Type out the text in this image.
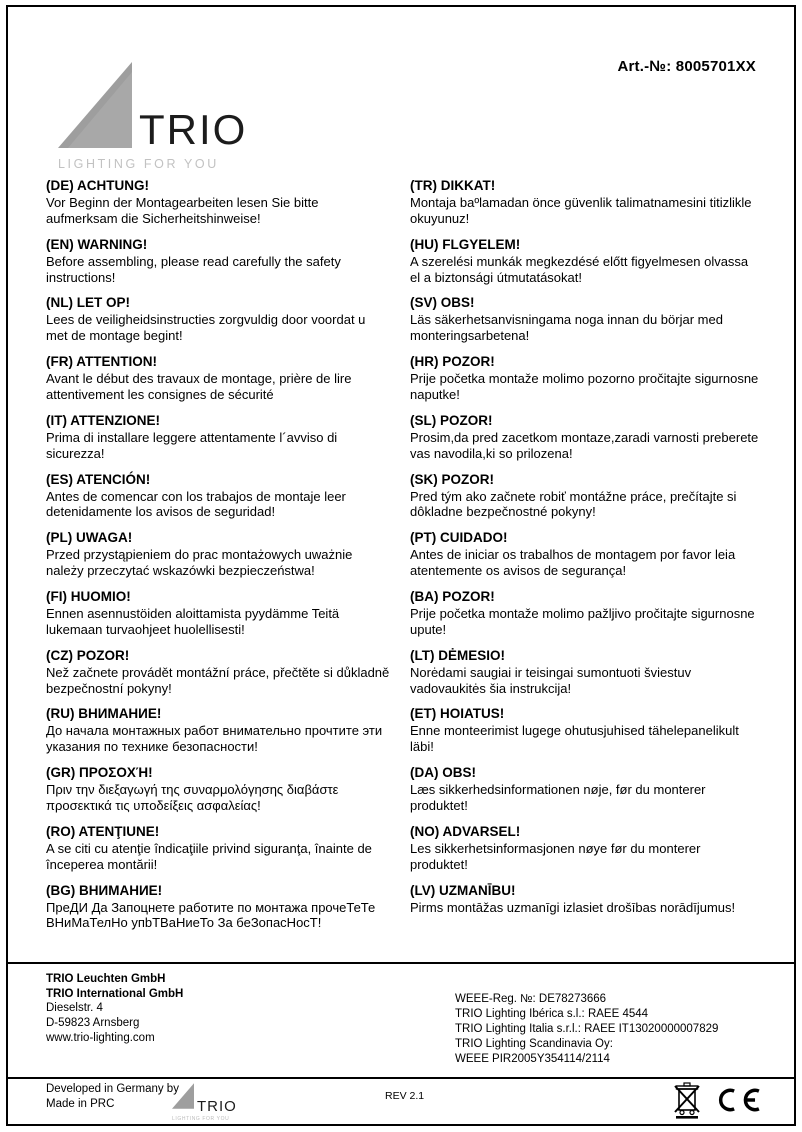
Art.-№: 8005701XX
TRIO
LIGHTING FOR YOU
(DE) ACHTUNG!

Vor Beginn der Montagearbeiten lesen Sie bitte aufmerksam die Sicherheitshinweise!

(EN) WARNING!

Before assembling, please read carefully the safety instructions!

(NL) LET OP!

Lees de veiligheidsinstructies zorgvuldig door voordat u met de montage begint!

(FR) ATTENTION!

Avant le début des travaux de montage, prière de lire attentivement les consignes de sécurité

(IT) ATTENZIONE!

Prima di installare leggere attentamente l´avviso di sicurezza!

(ES) ATENCIÓN!

Antes de comencar con los trabajos de montaje leer detenidamente los avisos de seguridad!

(PL) UWAGA!

Przed przystąpieniem do prac montażowych uważnie należy przeczytać wskazówki bezpieczeństwa!

(FI) HUOMIO!

Ennen asennustöiden aloittamista pyydämme Teitä lukemaan turvaohjeet huolellisesti!

(CZ) POZOR!

Než začnete provádět montážní práce, přečtěte si důkladně bezpečnostní pokyny!

(RU) ВНИМАНИЕ!

До начала монтажных работ внимательно прочтите эти указания по технике безопасности!

(GR) ΠΡΟΣΟΧΉ!

Πριν την διεξαγωγή της συναρμολόγησης διαβάστε προσεκτικά τις υποδείξεις ασφαλείας!

(RO) ATENŢIUNE!

A se citi cu atenţie îndicaţiile privind siguranţa, înainte de începerea montării!

(BG) ВНИМАНИЕ!

ПреДИ Да Запоцнете работите по монтажа прочеТеТе ВНиМаТелНо упbТВаНиеТо За беЗопасНосТ!

(TR) DIKKAT!

Montaja baºlamadan önce güvenlik talimatnamesini titizlikle okuyunuz!

(HU) FLGYELEM!

A szerelési munkák megkezdésé előtt figyelmesen olvassa el a biztonsági útmutatásokat!

(SV) OBS!

Läs säkerhetsanvisningama noga innan du börjar med monteringsarbetena!

(HR) POZOR!

Prije početka montaže molimo pozorno pročitajte sigurnosne naputke!

(SL) POZOR!

Prosim,da pred zacetkom montaze,zaradi varnosti preberete vas navodila,ki so prilozena!

(SK) POZOR!

Pred tým ako začnete robiť montážne práce, prečítajte si dôkladne bezpečnostné pokyny!

(PT) CUIDADO!

Antes de iniciar os trabalhos de montagem por favor leia atentemente os avisos de segurança!

(BA) POZOR!

Prije početka montaže molimo pažljivo pročitajte sigurnosne upute!

(LT) DĖMESIO!

Norėdami saugiai ir teisingai sumontuoti šviestuv vadovaukitės šia instrukcija!

(ET) HOIATUS!

Enne monteerimist lugege ohutusjuhised tähelepanelikult läbi!

(DA) OBS!

Læs sikkerhedsinformationen nøje, før du monterer produktet!

(NO) ADVARSEL!

Les sikkerhetsinformasjonen nøye før du monterer produktet!

(LV) UZMANĪBU!

Pirms montāžas uzmanīgi izlasiet drošības norādījumus!

TRIO Leuchten GmbH
TRIO International GmbH
Dieselstr. 4
D-59823 Arnsberg
www.trio-lighting.com
WEEE-Reg. №: DE78273666
TRIO Lighting Ibérica s.l.: RAEE 4544
TRIO Lighting Italia s.r.l.: RAEE IT13020000007829
TRIO Lighting Scandinavia Oy:
WEEE PIR2005Y354114/2114
Developed in Germany by
Made in PRC	TRIO
LIGHTING FOR YOU
REV 2.1
